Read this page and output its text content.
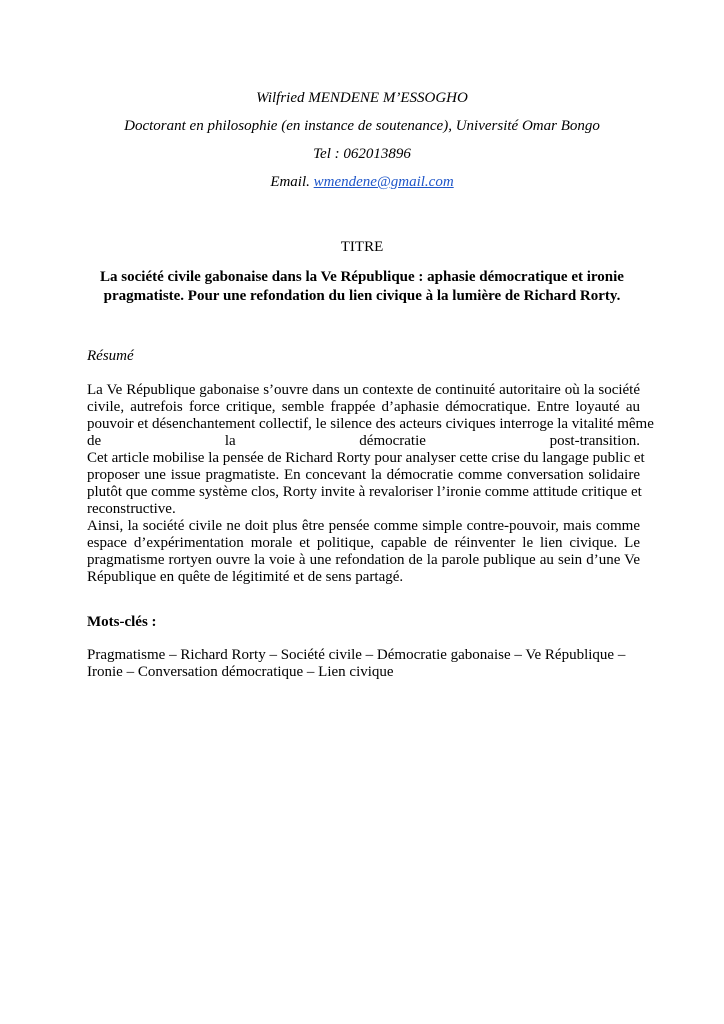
Wilfried MENDENE M’ESSOGHO
Doctorant en philosophie (en instance de soutenance), Université Omar Bongo
Tel : 062013896
Email. wmendene@gmail.com
TITRE
La société civile gabonaise dans la Ve République : aphasie démocratique et ironie
pragmatiste. Pour une refondation du lien civique à la lumière de Richard Rorty.
Résumé
La Ve République gabonaise s’ouvre dans un contexte de continuité autoritaire où la société
civile, autrefois force critique, semble frappée d’aphasie démocratique. Entre loyauté au
pouvoir et désenchantement collectif, le silence des acteurs civiques interroge la vitalité même
de la démocratie post-transition.
Cet article mobilise la pensée de Richard Rorty pour analyser cette crise du langage public et
proposer une issue pragmatiste. En concevant la démocratie comme conversation solidaire
plutôt que comme système clos, Rorty invite à revaloriser l’ironie comme attitude critique et
reconstructive.
Ainsi, la société civile ne doit plus être pensée comme simple contre-pouvoir, mais comme
espace d’expérimentation morale et politique, capable de réinventer le lien civique. Le
pragmatisme rortyen ouvre la voie à une refondation de la parole publique au sein d’une Ve
République en quête de légitimité et de sens partagé.
Mots-clés :
Pragmatisme – Richard Rorty – Société civile – Démocratie gabonaise – Ve République –
Ironie – Conversation démocratique – Lien civique
